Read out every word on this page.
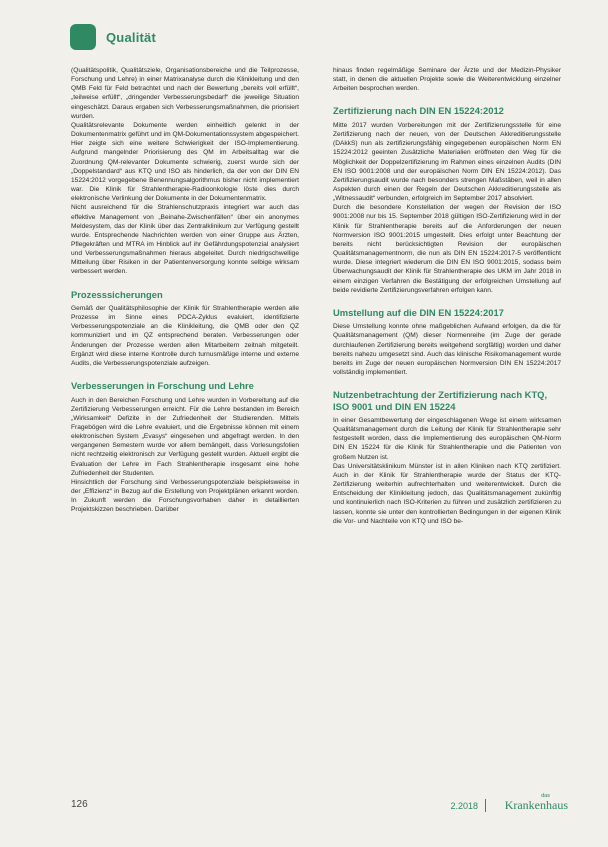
Qualität

(Qualitätspolitik, Qualitätsziele, Organisationsbereiche und die Teilprozesse, Forschung und Lehre) in einer Matrixanalyse durch die Klinikleitung und den QMB Feld für Feld betrachtet und nach der Bewertung „bereits voll erfüllt“, „teilweise erfüllt“, „dringender Verbesserungsbedarf“ die jeweilige Situation eingeschätzt. Daraus ergaben sich Verbesserungsmaßnahmen, die priorisiert wurden.

Qualitätsrelevante Dokumente werden einheitlich gelenkt in der Dokumentenmatrix geführt und im QM-Dokumentationssystem abgespeichert. Hier zeigte sich eine weitere Schwierigkeit der ISO-Implementierung. Aufgrund mangelnder Priorisierung des QM im Arbeitsalltag war die Zuordnung QM-relevanter Dokumente schwierig, zuerst wurde sich der „Doppelstandard“ aus KTQ und ISO als hinderlich, da der von der DIN EN 15224:2012 vorgegebene Benennungsalgorithmus bisher nicht implementiert war. Die Klinik für Strahlentherapie-Radioonkologie löste dies durch elektronische Verlinkung der Dokumente in der Dokumentenmatrix.

Nicht ausreichend für die Strahlenschutzpraxis integriert war auch das effektive Management von „Beinahe-Zwischenfällen“ über ein anonymes Meldesystem, das der Klinik über das Zentralklinikum zur Verfügung gestellt wurde. Entsprechende Nachrichten werden von einer Gruppe aus Ärzten, Pflegekräften und MTRA im Hinblick auf ihr Gefährdungspotenzial analysiert und Verbesserungsmaßnahmen hieraus abgeleitet. Durch niedrigschwellige Mitteilung über Risiken in der Patientenversorgung konnte selbige wirksam verbessert werden.

Prozesssicherungen

Gemäß der Qualitätsphilosophie der Klinik für Strahlentherapie werden alle Prozesse im Sinne eines PDCA-Zyklus evaluiert, identifizierte Verbesserungspotenziale an die Klinikleitung, die QMB oder den QZ kommuniziert und im QZ entsprechend beraten. Verbesserungen oder Änderungen der Prozesse werden allen Mitarbeitern zeitnah mitgeteilt. Ergänzt wird diese interne Kontrolle durch turnusmäßige interne und externe Audits, die Verbesserungspotenziale aufzeigen.

Verbesserungen in Forschung und Lehre

Auch in den Bereichen Forschung und Lehre wurden in Vorbereitung auf die Zertifizierung Verbesserungen erreicht. Für die Lehre bestanden im Bereich „Wirksamkeit“ Defizite in der Zufriedenheit der Studierenden. Mittels Fragebögen wird die Lehre evaluiert, und die Ergebnisse können mit einem elektronischen System „Evasys“ eingesehen und abgefragt werden. In den vergangenen Semestern wurde vor allem bemängelt, dass Vorlesungsfolien nicht rechtzeitig elektronisch zur Verfügung gestellt wurden. Aktuell ergibt die Evaluation der Lehre im Fach Strahlentherapie insgesamt eine hohe Zufriedenheit der Studenten.

Hinsichtlich der Forschung sind Verbesserungspotenziale beispielsweise in der „Effizienz“ in Bezug auf die Erstellung von Projektplänen erkannt worden. In Zukunft werden die Forschungsvorhaben daher in detaillierten Projektskizzen beschrieben. Darüber

hinaus finden regelmäßige Seminare der Ärzte und der Medizin-Physiker statt, in denen die aktuellen Projekte sowie die Weiterentwicklung einzelner Arbeiten besprochen werden.

Zertifizierung nach DIN EN 15224:2012

Mitte 2017 wurden Vorbereitungen mit der Zertifizierungsstelle für eine Zertifizierung nach der neuen, von der Deutschen Akkreditierungsstelle (DAkkS) nun als zertifizierungsfähig eingegebenen europäischen Norm EN 15224:2012 geeinten Zusätzliche Materialien eröffneten den Weg für die Möglichkeit der Doppelzertifizierung im Rahmen eines einzelnen Audits (DIN EN ISO 9001:2008 und der europäischen Norm DIN EN 15224:2012). Das Zertifizierungsaudit wurde nach besonders strengen Maßstäben, weil in allen Aspekten durch einen der Regeln der Deutschen Akkreditierungsstelle als „Witnessaudit“ verbunden, erfolgreich im September 2017 absolviert.

Durch die besondere Konstellation der wegen der Revision der ISO 9001:2008 nur bis 15. September 2018 gültigen ISO-Zertifizierung wird in der Klinik für Strahlentherapie bereits auf die Anforderungen der neuen Normversion ISO 9001:2015 umgestellt. Dies erfolgt unter Beachtung der bereits nicht berücksichtigten Revision der europäischen Qualitätsmanagementnorm, die nun als DIN EN 15224:2017-5 veröffentlicht wurde. Diese integriert wiederum die DIN EN ISO 9001:2015, sodass beim Überwachungsaudit der Klinik für Strahlentherapie des UKM im Jahr 2018 in einem einzigen Verfahren die Bestätigung der erfolgreichen Umstellung auf beide revidierte Zertifizierungsverfahren erfolgen kann.

Umstellung auf die DIN EN 15224:2017

Diese Umstellung konnte ohne maßgeblichen Aufwand erfolgen, da die für Qualitätsmanagement (QM) dieser Normenreihe (im Zuge der gerade durchlaufenen Zertifizierung bereits weitgehend sorgfältig) worden und daher bereits nahezu umgesetzt sind. Auch das klinische Risikomanagement wurde bereits im Zuge der neuen europäischen Normversion DIN EN 15224:2017 vollständig implementiert.

Nutzenbetrachtung der Zertifizierung nach KTQ, ISO 9001 und DIN EN 15224

In einer Gesamtbewertung der eingeschlagenen Wege ist einem wirksamen Qualitätsmanagement durch die Leitung der Klinik für Strahlentherapie sehr festgestellt worden, dass die Implementierung des europäischen QM-Norm DIN EN 15224 für die Klinik für Strahlentherapie und die Patienten von großem Nutzen ist.

Das Universitätsklinikum Münster ist in allen Kliniken nach KTQ zertifiziert. Auch in der Klinik für Strahlentherapie wurde der Status der KTQ-Zertifizierung weiterhin aufrechterhalten und weiterentwickelt. Durch die Entscheidung der Klinikleitung jedoch, das Qualitätsmanagement zukünftig und kontinuierlich nach ISO-Kriterien zu führen und zusätzlich zertifizieren zu lassen, konnte sie unter den kontrollierten Bedingungen in der eigenen Klinik die Vor- und Nachteile von KTQ und ISO be-

126	2.2018
das
Krankenhaus
